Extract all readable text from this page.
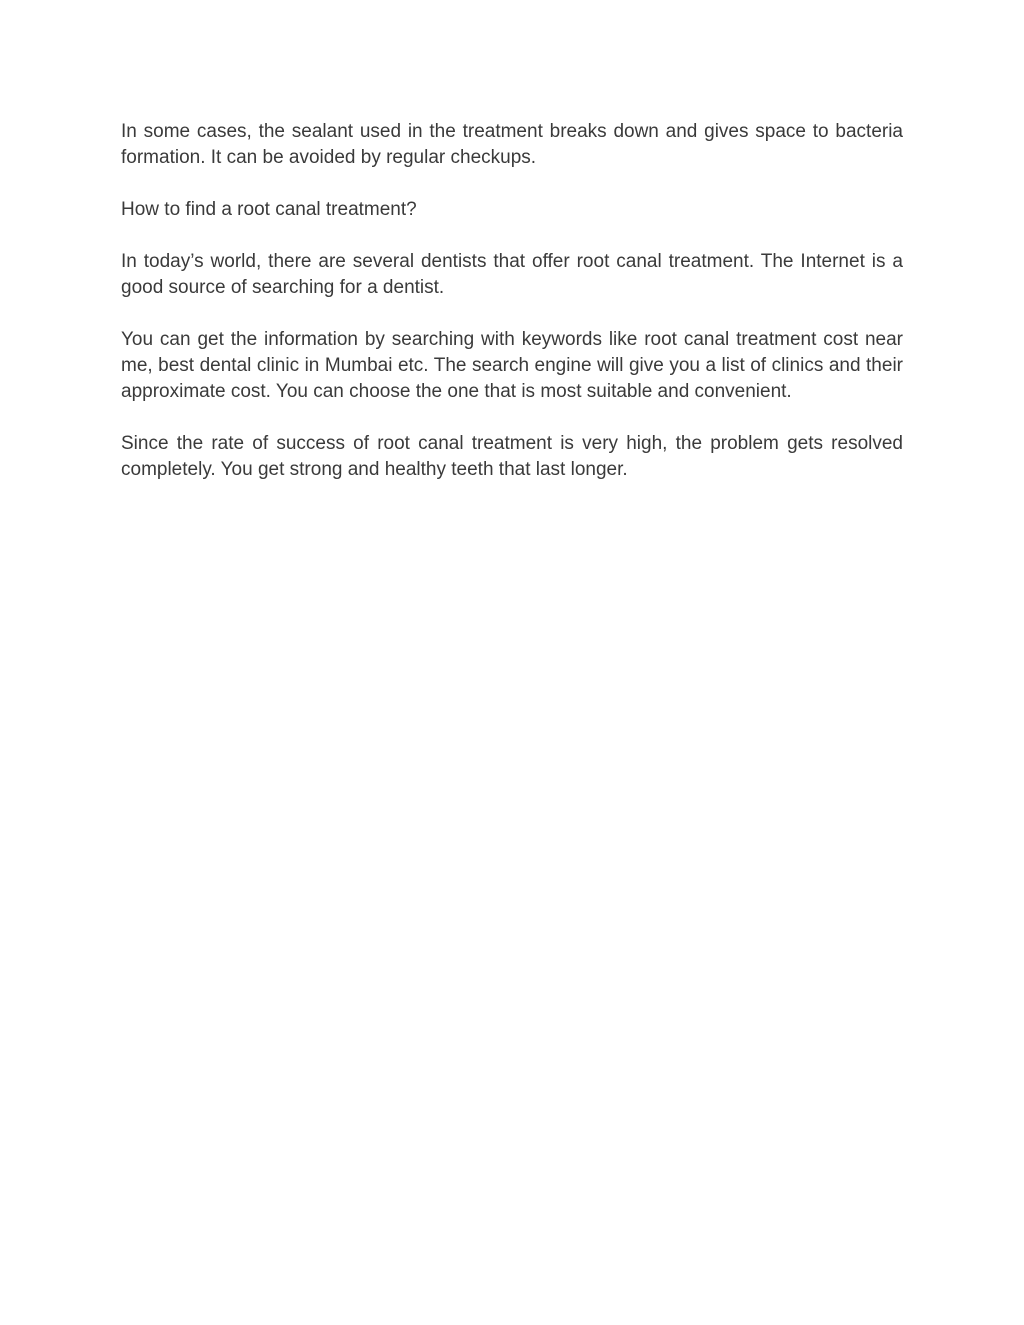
In some cases, the sealant used in the treatment breaks down and gives space to bacteria formation. It can be avoided by regular checkups.

How to find a root canal treatment?

In today’s world, there are several dentists that offer root canal treatment. The Internet is a good source of searching for a dentist.

You can get the information by searching with keywords like root canal treatment cost near me, best dental clinic in Mumbai etc. The search engine will give you a list of clinics and their approximate cost. You can choose the one that is most suitable and convenient.

Since the rate of success of root canal treatment is very high, the problem gets resolved completely. You get strong and healthy teeth that last longer.
